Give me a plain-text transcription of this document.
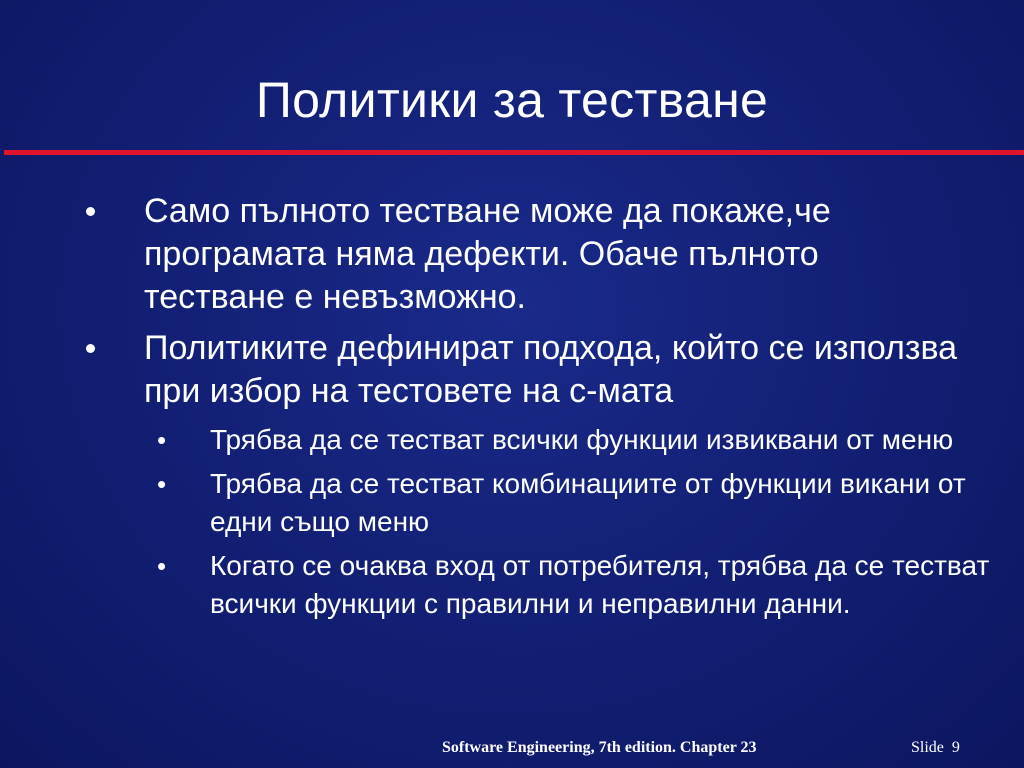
Политики за тестване
Само пълното тестване може да покаже,че програмата няма дефекти. Обаче пълното тестване е невъзможно.
Политиките дефинират подхода, който се използва при избор на тестовете на с-мата
• Трябва да се тестват всички функции извиквани от меню
• Трябва да се тестват комбинациите от функции викани от едни също меню
• Когато се очаква вход от потребителя, трябва да се тестват всички функции с правилни и неправилни данни.
Software Engineering, 7th edition. Chapter 23	Slide 9
